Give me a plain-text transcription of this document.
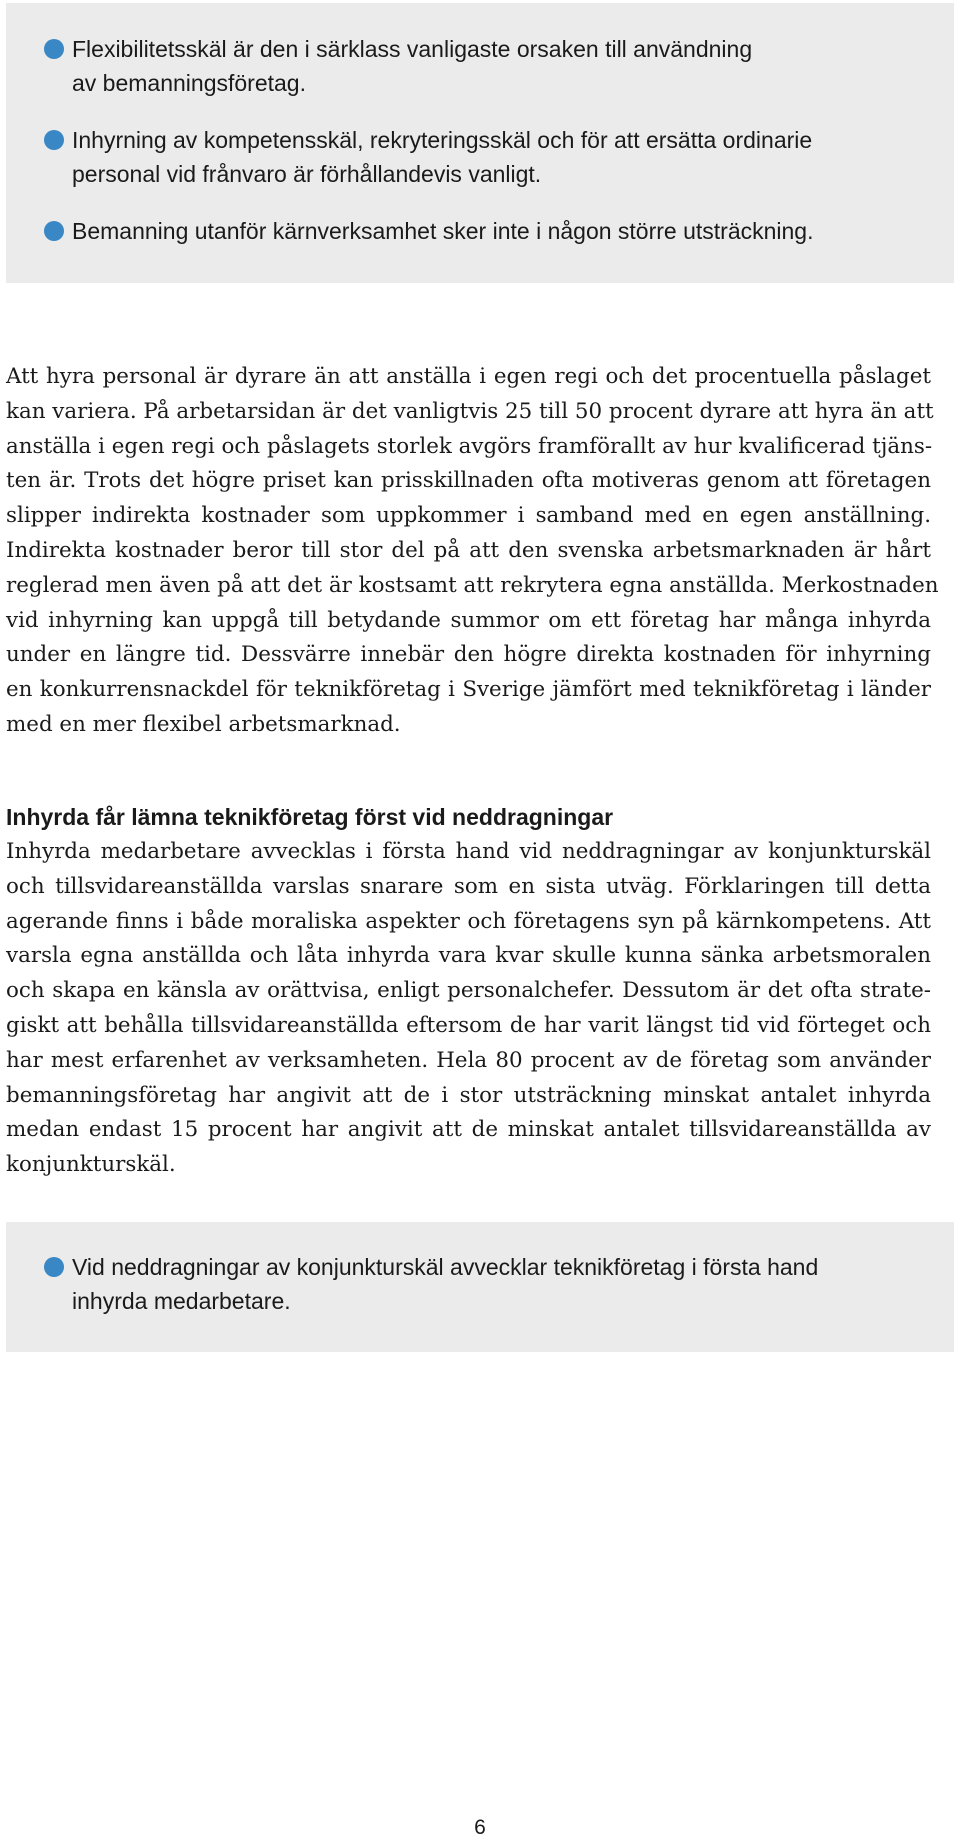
Flexibilitetsskäl är den i särklass vanligaste orsaken till användning
av bemanningsföretag.

Inhyrning av kompetensskäl, rekryteringsskäl och för att ersätta ordinarie
personal vid frånvaro är förhållandevis vanligt.

Bemanning utanför kärnverksamhet sker inte i någon större utsträckning.

Att hyra personal är dyrare än att anställa i egen regi och det procentuella påslaget
kan variera. På arbetarsidan är det vanligtvis 25 till 50 procent dyrare att hyra än att
anställa i egen regi och påslagets storlek avgörs framförallt av hur kvalificerad tjäns-
ten är. Trots det högre priset kan prisskillnaden ofta motiveras genom att företagen
slipper indirekta kostnader som uppkommer i samband med en egen anställning.
Indirekta kostnader beror till stor del på att den svenska arbetsmarknaden är hårt
reglerad men även på att det är kostsamt att rekrytera egna anställda. Merkostnaden
vid inhyrning kan uppgå till betydande summor om ett företag har många inhyrda
under en längre tid. Dessvärre innebär den högre direkta kostnaden för inhyrning
en konkurrensnackdel för teknikföretag i Sverige jämfört med teknikföretag i länder
med en mer flexibel arbetsmarknad.

Inhyrda får lämna teknikföretag först vid neddragningar

Inhyrda medarbetare avvecklas i första hand vid neddragningar av konjunkturskäl
och tillsvidareanställda varslas snarare som en sista utväg. Förklaringen till detta
agerande finns i både moraliska aspekter och företagens syn på kärnkompetens. Att
varsla egna anställda och låta inhyrda vara kvar skulle kunna sänka arbetsmoralen
och skapa en känsla av orättvisa, enligt personalchefer. Dessutom är det ofta strate-
giskt att behålla tillsvidareanställda eftersom de har varit längst tid vid förteget och
har mest erfarenhet av verksamheten. Hela 80 procent av de företag som använder
bemanningsföretag har angivit att de i stor utsträckning minskat antalet inhyrda
medan endast 15 procent har angivit att de minskat antalet tillsvidareanställda av
konjunkturskäl.

Vid neddragningar av konjunkturskäl avvecklar teknikföretag i första hand
inhyrda medarbetare.

6
